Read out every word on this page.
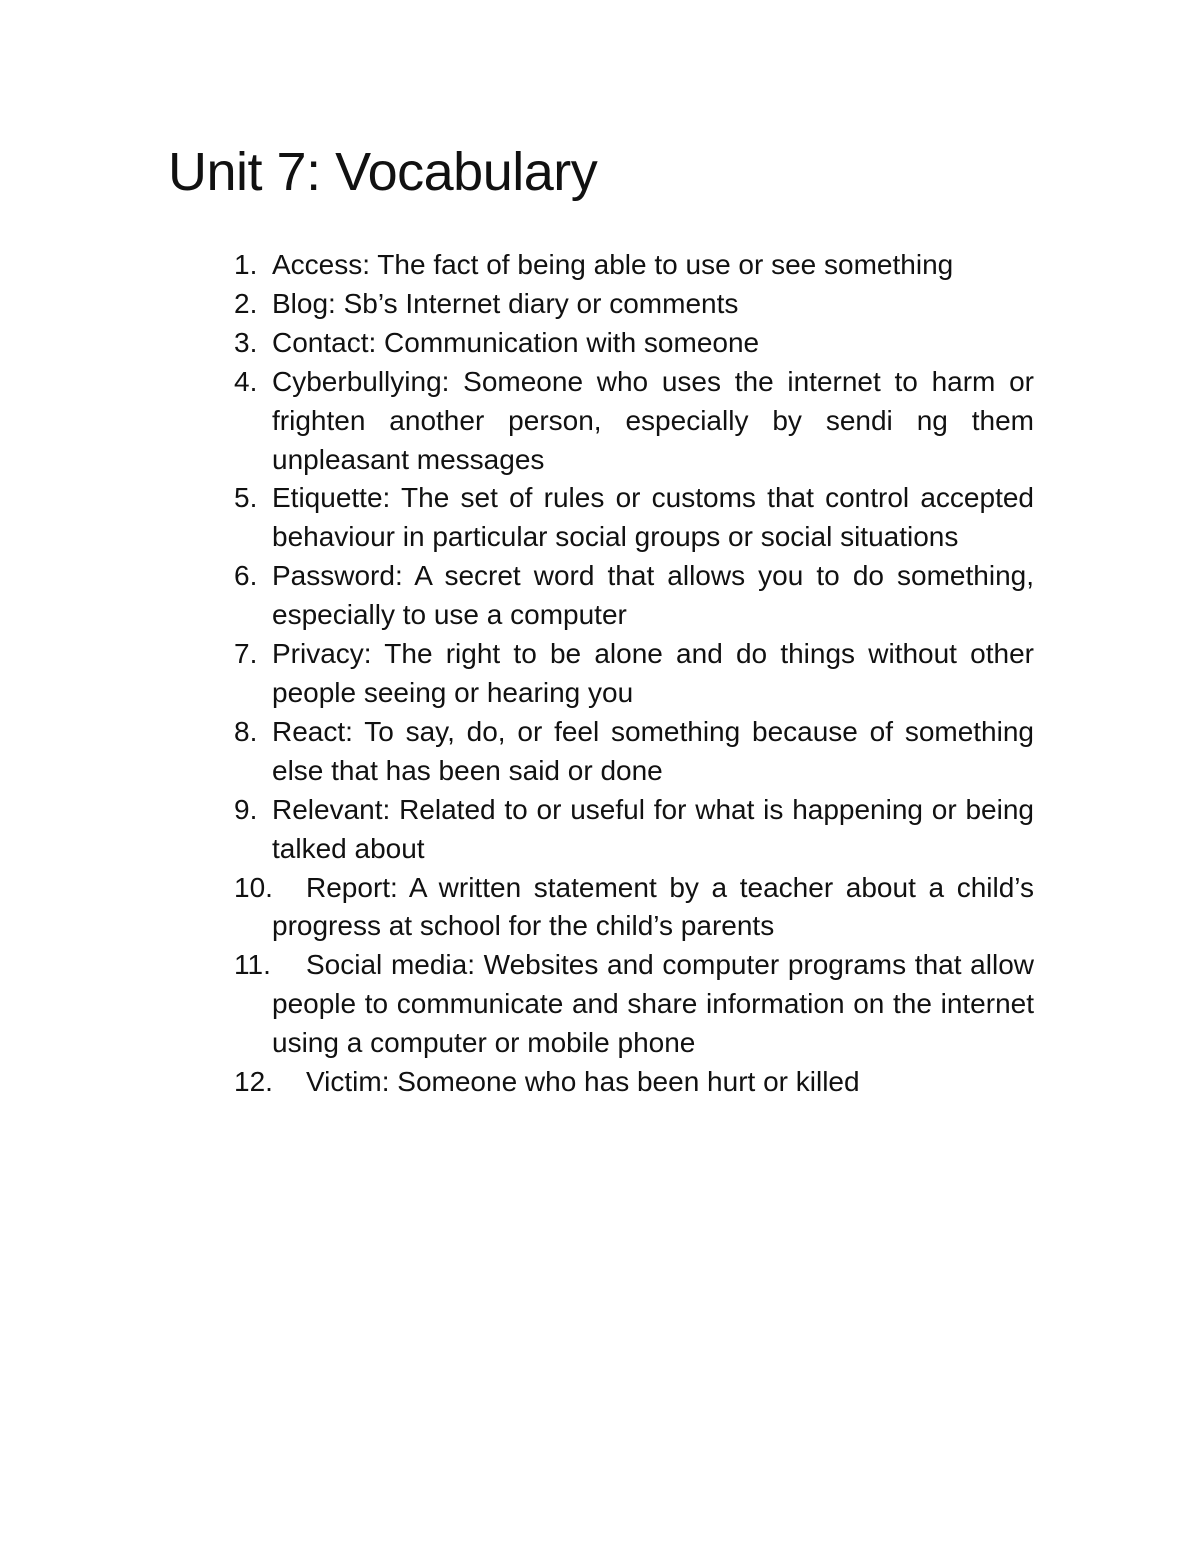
Unit 7: Vocabulary
1. Access: The fact of being able to use or see something
2. Blog: Sb’s Internet diary or comments
3. Contact: Communication with someone
4. Cyberbullying: Someone who uses the internet to harm or frighten another person, especially by sendi ng them unpleasant messages
5. Etiquette: The set of rules or customs that control accepted behaviour in particular social groups or social situations
6. Password: A secret word that allows you to do something, especially to use a computer
7. Privacy: The right to be alone and do things without other people seeing or hearing you
8. React: To say, do, or feel something because of something else that has been said or done
9. Relevant: Related to or useful for what is happening or being talked about
10. Report: A written statement by a teacher about a child’s progress at school for the child’s parents
11. Social media: Websites and computer programs that allow people to communicate and share information on the internet using a computer or mobile phone
12. Victim: Someone who has been hurt or killed
